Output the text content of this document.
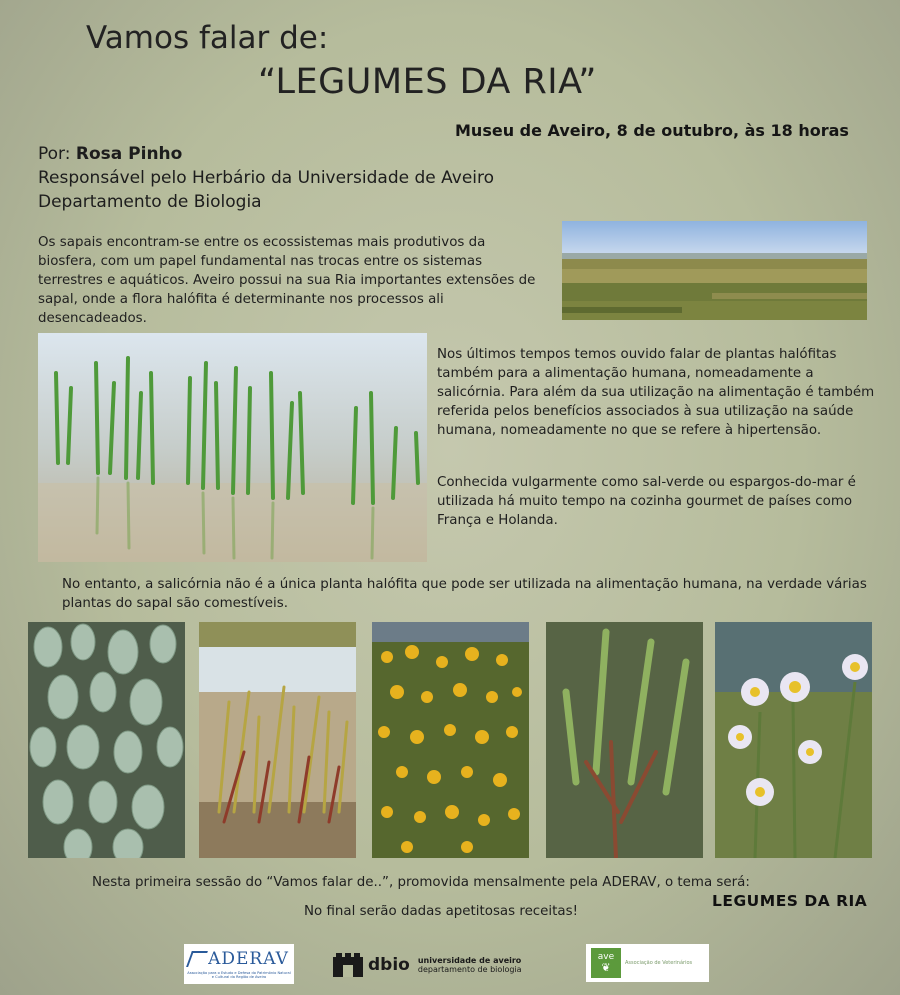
Vamos falar de:
“LEGUMES DA RIA”
Museu de Aveiro, 8 de outubro, às 18 horas
Por: Rosa Pinho
Responsável pelo Herbário da Universidade de Aveiro
Departamento de Biologia
Os sapais encontram-se entre os ecossistemas mais produtivos da biosfera, com um papel fundamental nas trocas entre os sistemas terrestres e aquáticos. Aveiro possui na sua Ria importantes extensões de sapal, onde a flora halófita é determinante nos processos ali desencadeados.
Nos últimos tempos temos ouvido falar de plantas halófitas também para a alimentação humana, nomeadamente a salicórnia. Para além da sua utilização na alimentação é também referida pelos benefícios associados à sua utilização na saúde humana, nomeadamente no que se refere à hipertensão.
Conhecida vulgarmente como sal-verde ou espargos-do-mar é utilizada há muito tempo na cozinha gourmet de países como França e Holanda.
No entanto, a salicórnia não é a única planta halófita que pode ser utilizada na alimentação humana, na verdade várias plantas do sapal são comestíveis.
Nesta primeira sessão do “Vamos falar de..”, promovida mensalmente pela ADERAV, o tema será:
LEGUMES DA RIA
No final serão dadas apetitosas receitas!
ADERAV
Associação para o Estudo e Defesa do Património Natural e Cultural da Região de Aveiro
dbio universidade de aveiro
departamento de biologia
ave
❦	Associação de Veterinários
